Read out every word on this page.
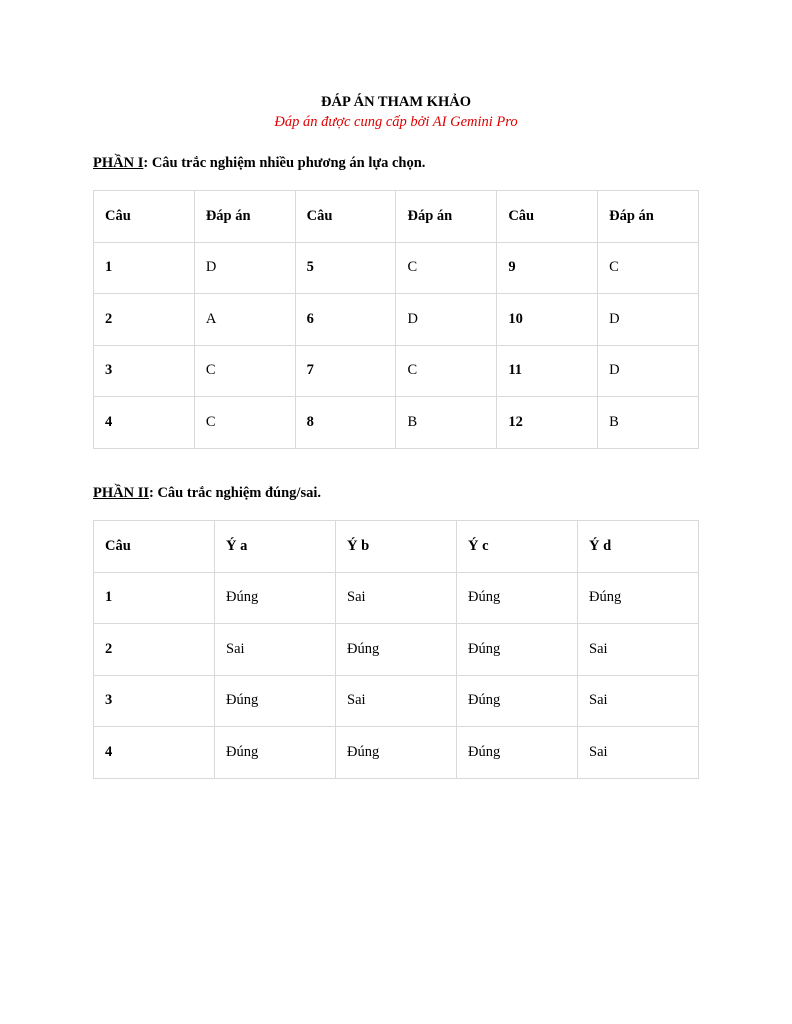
ĐÁP ÁN THAM KHẢO
Đáp án được cung cấp bởi AI Gemini Pro
PHẦN I: Câu trắc nghiệm nhiều phương án lựa chọn.
Câu	Đáp án	Câu	Đáp án	Câu	Đáp án
1	D	5	C	9	C
2	A	6	D	10	D
3	C	7	C	11	D
4	C	8	B	12	B
PHẦN II: Câu trắc nghiệm đúng/sai.
Câu	Ý a	Ý b	Ý c	Ý d
1	Đúng	Sai	Đúng	Đúng
2	Sai	Đúng	Đúng	Sai
3	Đúng	Sai	Đúng	Sai
4	Đúng	Đúng	Đúng	Sai
